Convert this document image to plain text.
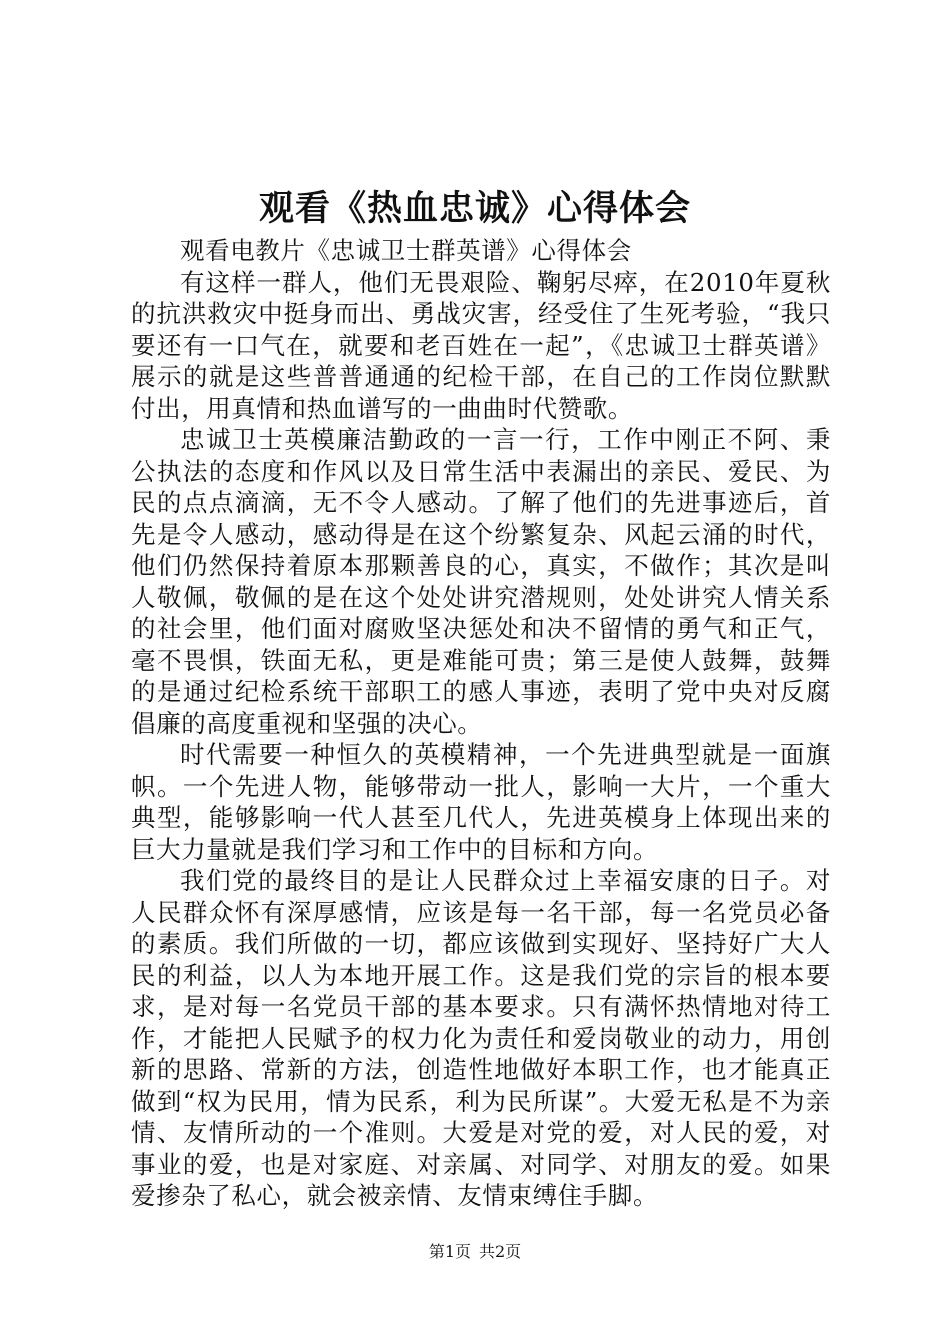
观看《热血忠诚》心得体会

观看电教片《忠诚卫士群英谱》心得体会

有这样一群人，他们无畏艰险、鞠躬尽瘁，在2010年夏秋的抗洪救灾中挺身而出、勇战灾害，经受住了生死考验，“我只要还有一口气在，就要和老百姓在一起”，《忠诚卫士群英谱》展示的就是这些普普通通的纪检干部，在自己的工作岗位默默付出，用真情和热血谱写的一曲曲时代赞歌。

忠诚卫士英模廉洁勤政的一言一行，工作中刚正不阿、秉公执法的态度和作风以及日常生活中表漏出的亲民、爱民、为民的点点滴滴，无不令人感动。了解了他们的先进事迹后，首先是令人感动，感动得是在这个纷繁复杂、风起云涌的时代，他们仍然保持着原本那颗善良的心，真实，不做作；其次是叫人敬佩，敬佩的是在这个处处讲究潜规则，处处讲究人情关系的社会里，他们面对腐败坚决惩处和决不留情的勇气和正气，毫不畏惧，铁面无私，更是难能可贵；第三是使人鼓舞，鼓舞的是通过纪检系统干部职工的感人事迹，表明了党中央对反腐倡廉的高度重视和坚强的决心。

时代需要一种恒久的英模精神，一个先进典型就是一面旗帜。一个先进人物，能够带动一批人，影响一大片，一个重大典型，能够影响一代人甚至几代人，先进英模身上体现出来的巨大力量就是我们学习和工作中的目标和方向。

我们党的最终目的是让人民群众过上幸福安康的日子。对人民群众怀有深厚感情，应该是每一名干部，每一名党员必备的素质。我们所做的一切，都应该做到实现好、坚持好广大人民的利益，以人为本地开展工作。这是我们党的宗旨的根本要求，是对每一名党员干部的基本要求。只有满怀热情地对待工作，才能把人民赋予的权力化为责任和爱岗敬业的动力，用创新的思路、常新的方法，创造性地做好本职工作，也才能真正做到“权为民用，情为民系，利为民所谋”。大爱无私是不为亲情、友情所动的一个准则。大爱是对党的爱，对人民的爱，对事业的爱，也是对家庭、对亲属、对同学、对朋友的爱。如果爱掺杂了私心，就会被亲情、友情束缚住手脚。

第1页 共2页
